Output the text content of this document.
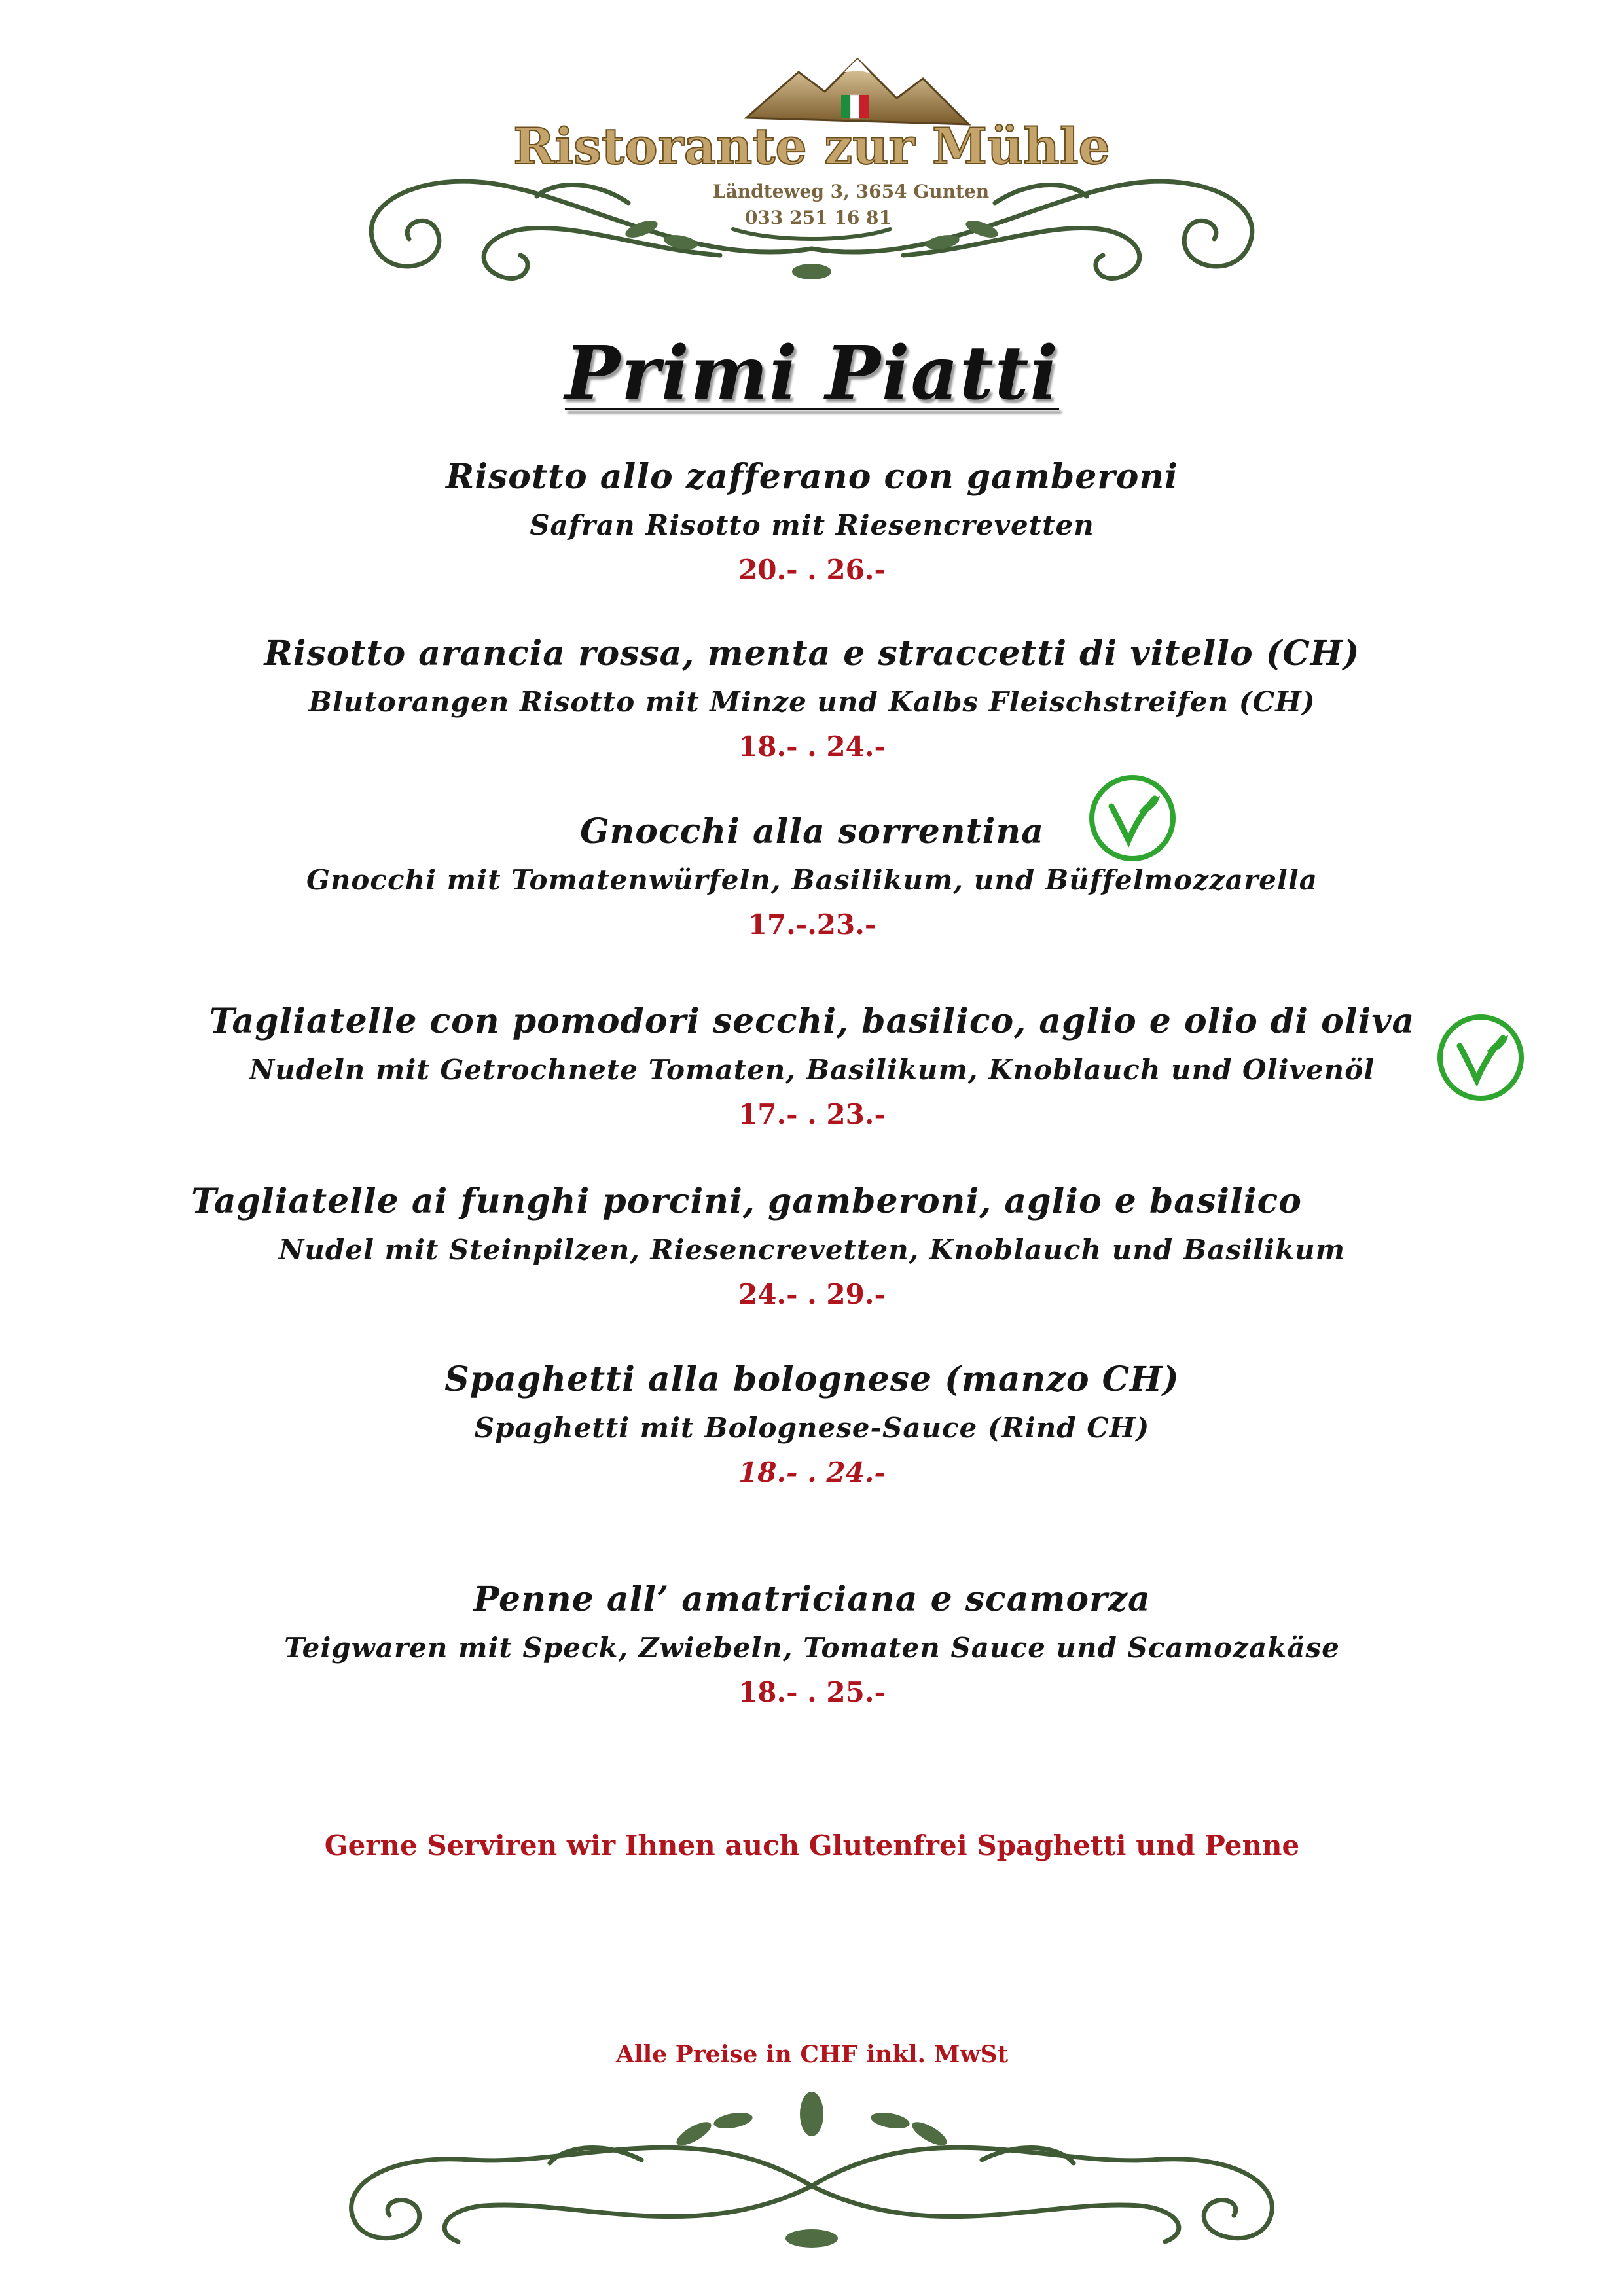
Ristorante zur Mühle
Ländteweg 3, 3654 Gunten
033 251 16 81
Primi Piatti
Risotto allo zafferano con gamberoni
Safran Risotto mit Riesencrevetten
20.- . 26.-
Risotto arancia rossa, menta e straccetti di vitello (CH)
Blutorangen Risotto mit Minze und Kalbs Fleischstreifen (CH)
18.- . 24.-
Gnocchi alla sorrentina
Gnocchi mit Tomatenwürfeln, Basilikum, und Büffelmozzarella
17.-.23.-
Tagliatelle con pomodori secchi, basilico, aglio e olio di oliva
Nudeln mit Getrochnete Tomaten, Basilikum, Knoblauch und Olivenöl
17.- . 23.-
Tagliatelle ai funghi porcini, gamberoni, aglio e basilico
Nudel mit Steinpilzen, Riesencrevetten, Knoblauch und Basilikum
24.- . 29.-
Spaghetti alla bolognese (manzo CH)
Spaghetti mit Bolognese-Sauce (Rind CH)
18.- . 24.-
Penne all’ amatriciana e scamorza
Teigwaren mit Speck, Zwiebeln, Tomaten Sauce und Scamozakäse
18.- . 25.-
Gerne Serviren wir Ihnen auch Glutenfrei Spaghetti und Penne
Alle Preise in CHF inkl. MwSt
